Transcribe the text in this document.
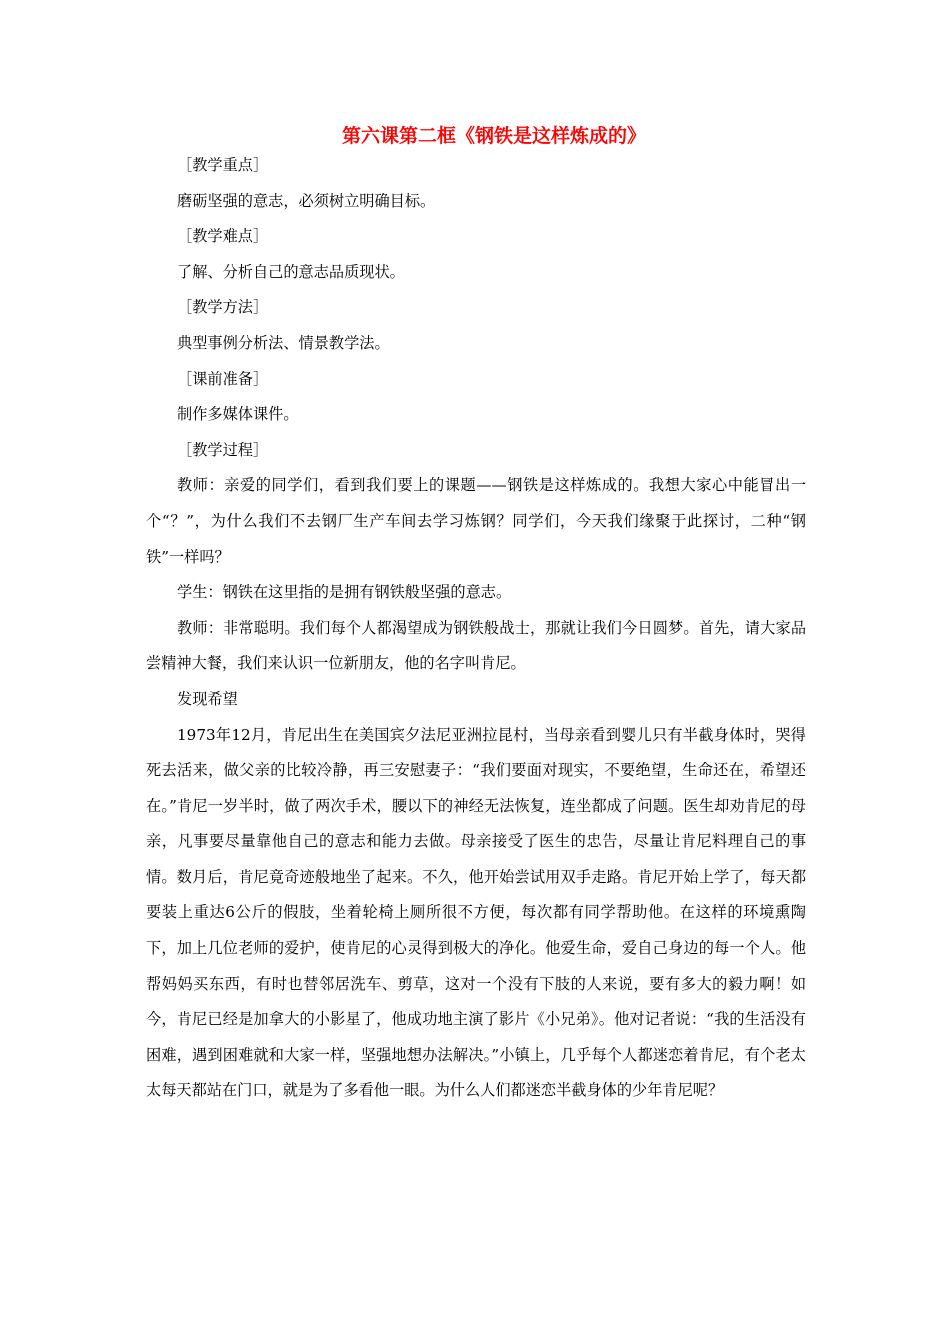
第六课第二框《钢铁是这样炼成的》

［教学重点］

磨砺坚强的意志，必须树立明确目标。

［教学难点］

了解、分析自己的意志品质现状。

［教学方法］

典型事例分析法、情景教学法。

［课前准备］

制作多媒体课件。

［教学过程］

教师：亲爱的同学们，看到我们要上的课题——钢铁是这样炼成的。我想大家心中能冒出一个“？”，为什么我们不去钢厂生产车间去学习炼钢？同学们，今天我们缘聚于此探讨，二种“钢铁”一样吗？

学生：钢铁在这里指的是拥有钢铁般坚强的意志。

教师：非常聪明。我们每个人都渴望成为钢铁般战士，那就让我们今日圆梦。首先，请大家品尝精神大餐，我们来认识一位新朋友，他的名字叫肯尼。

发现希望

1973年12月，肯尼出生在美国宾夕法尼亚洲拉昆村，当母亲看到婴儿只有半截身体时，哭得死去活来，做父亲的比较冷静，再三安慰妻子：“我们要面对现实，不要绝望，生命还在，希望还在。”肯尼一岁半时，做了两次手术，腰以下的神经无法恢复，连坐都成了问题。医生却劝肯尼的母亲，凡事要尽量靠他自己的意志和能力去做。母亲接受了医生的忠告，尽量让肯尼料理自己的事情。数月后，肯尼竟奇迹般地坐了起来。不久，他开始尝试用双手走路。肯尼开始上学了，每天都要装上重达6公斤的假肢，坐着轮椅上厕所很不方便，每次都有同学帮助他。在这样的环境熏陶下，加上几位老师的爱护，使肯尼的心灵得到极大的净化。他爱生命，爱自己身边的每一个人。他帮妈妈买东西，有时也替邻居洗车、剪草，这对一个没有下肢的人来说，要有多大的毅力啊！如今，肯尼已经是加拿大的小影星了，他成功地主演了影片《小兄弟》。他对记者说：“我的生活没有困难，遇到困难就和大家一样，坚强地想办法解决。”小镇上，几乎每个人都迷恋着肯尼，有个老太太每天都站在门口，就是为了多看他一眼。为什么人们都迷恋半截身体的少年肯尼呢？
